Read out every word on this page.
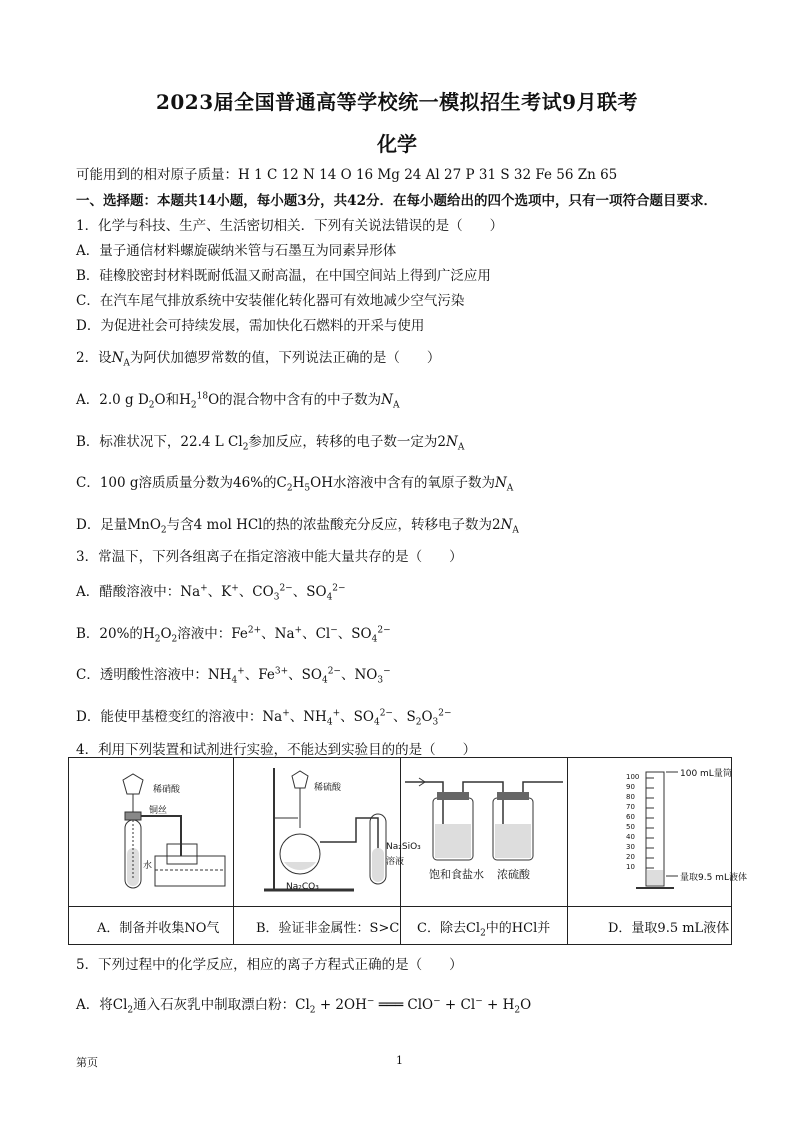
2023届全国普通高等学校统一模拟招生考试9月联考
化学
可能用到的相对原子质量：H 1 C 12 N 14 O 16 Mg 24 Al 27 P 31 S 32 Fe 56 Zn 65
一、选择题：本题共14小题，每小题3分，共42分．在每小题给出的四个选项中，只有一项符合题目要求．
1．化学与科技、生产、生活密切相关．下列有关说法错误的是（　　）
A．量子通信材料螺旋碳纳米管与石墨互为同素异形体
B．硅橡胶密封材料既耐低温又耐高温，在中国空间站上得到广泛应用
C．在汽车尾气排放系统中安装催化转化器可有效地减少空气污染
D．为促进社会可持续发展，需加快化石燃料的开采与使用
2．设$N_A$为阿伏加德罗常数的值，下列说法正确的是（　　）
A．2.0 g $D_2O$和$H_2^{18}O$的混合物中含有的中子数为$N_A$
B．标准状况下，22.4 L $Cl_2$参加反应，转移的电子数一定为$2N_A$
C．100 g溶质质量分数为46%的$C_2H_5OH$水溶液中含有的氧原子数为$N_A$
D．足量MnO$_2$与含4 mol HCl的热的浓盐酸充分反应，转移电子数为$2N_A$
3．常温下，下列各组离子在指定溶液中能大量共存的是（　　）
A．醋酸溶液中：Na+、K+、$CO_3^{2-}$、$SO_4^{2-}$
B．20%的$H_2O_2$溶液中：$Fe^{2+}$、Na+、Cl−、$SO_4^{2-}$
C．透明酸性溶液中：$NH_4^+$、$Fe^{3+}$、$SO_4^{2-}$、$NO_3^-$
D．能使甲基橙变红的溶液中：Na+、$NH_4^+$、$SO_4^{2-}$、$S_2O_3^{2-}$
4．利用下列装置和试剂进行实验，不能达到实验目的的是（　　）
稀硝酸
铜丝
水
稀硫酸
Na₂SiO₃
溶液
Na₂CO₃
饱和食盐水 浓硫酸
100
90
80
70
60
50
40
30
20
10
100 mL量筒
量取9.5 mL液体
A．制备并收集NO气	B．验证非金属性：S>C	C．除去$Cl_2$中的HCl并	D．量取9.5 mL液体
5．下列过程中的化学反应，相应的离子方程式正确的是（　　）
A．将$Cl_2$通入石灰乳中制取漂白粉：$Cl_2 + 2OH^-$ ═══ $ClO^- + Cl^- + H_2O$
第页	1
